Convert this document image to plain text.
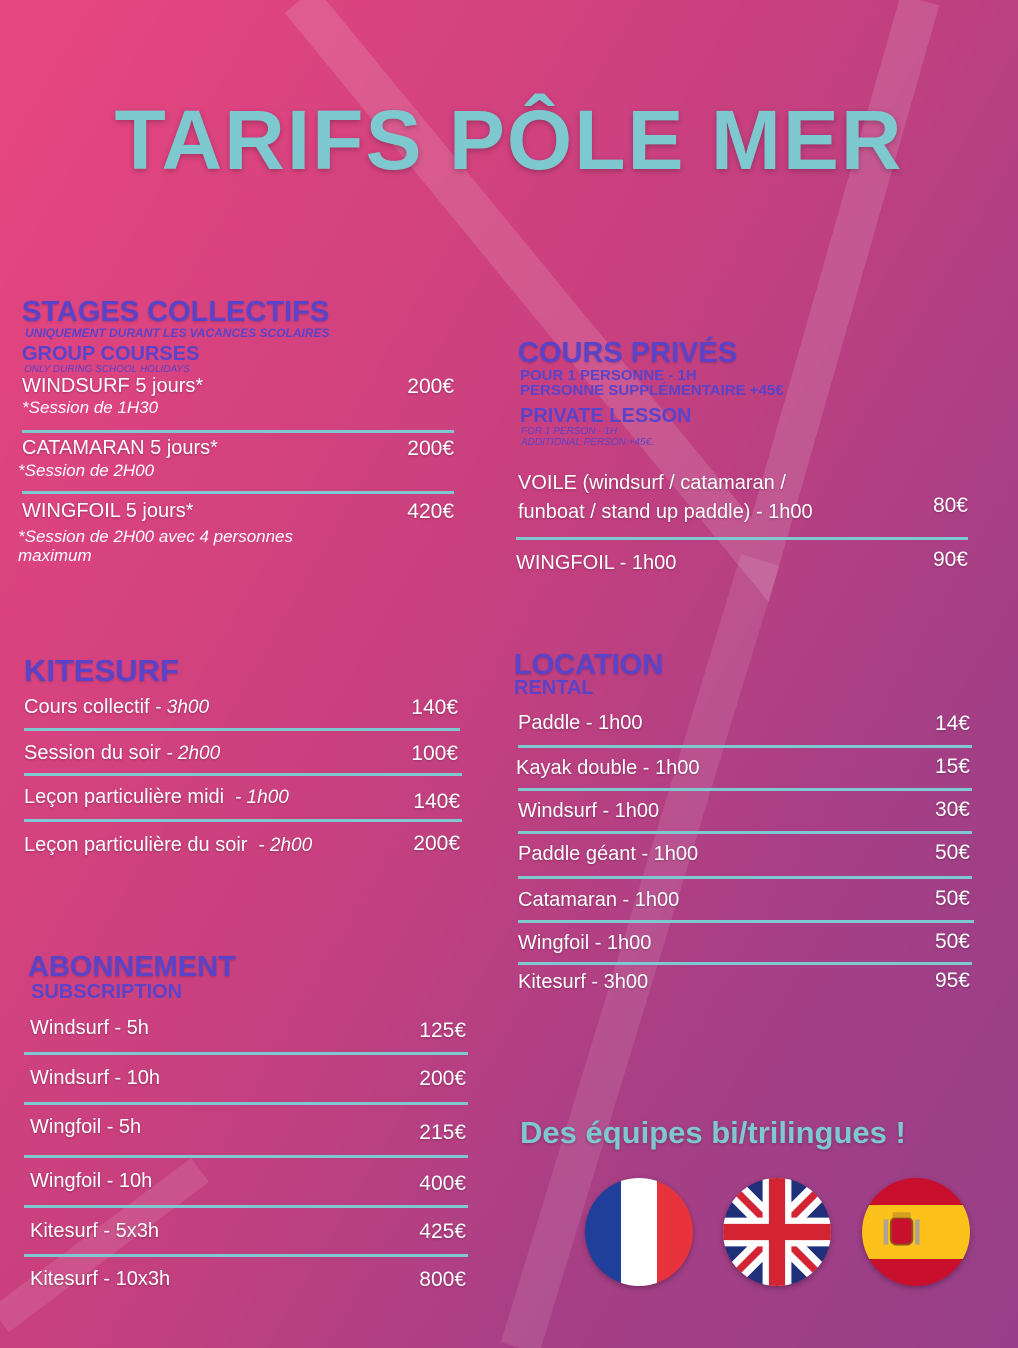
TARIFS PÔLE MER
STAGES COLLECTIFS
UNIQUEMENT DURANT LES VACANCES SCOLAIRES
GROUP COURSES
ONLY DURING SCHOOL HOLIDAYS
WINDSURF 5 jours*	200€
*Session de 1H30
CATAMARAN 5 jours*	200€
*Session de 2H00
WINGFOIL 5 jours*	420€
*Session de 2H00 avec 4 personnes
maximum
COURS PRIVÉS
POUR 1 PERSONNE - 1H
PERSONNE SUPPLÉMENTAIRE +45€
PRIVATE LESSON
FOR 1 PERSON - 1H
ADDITIONAL PERSON +45€.
VOILE (windsurf / catamaran /
funboat / stand up paddle) - 1h00	80€
WINGFOIL - 1h00	90€
KITESURF
Cours collectif - 3h00	140€
Session du soir - 2h00	100€
Leçon particulière midi  - 1h00	140€
Leçon particulière du soir  - 2h00	200€
LOCATION
RENTAL
Paddle - 1h00	14€
Kayak double - 1h00	15€
Windsurf - 1h00	30€
Paddle géant - 1h00	50€
Catamaran - 1h00	50€
Wingfoil - 1h00	50€
Kitesurf - 3h00	95€
ABONNEMENT
SUBSCRIPTION
Windsurf - 5h	125€
Windsurf - 10h	200€
Wingfoil - 5h	215€
Wingfoil - 10h	400€
Kitesurf - 5x3h	425€
Kitesurf - 10x3h	800€
Des équipes bi/trilingues !
